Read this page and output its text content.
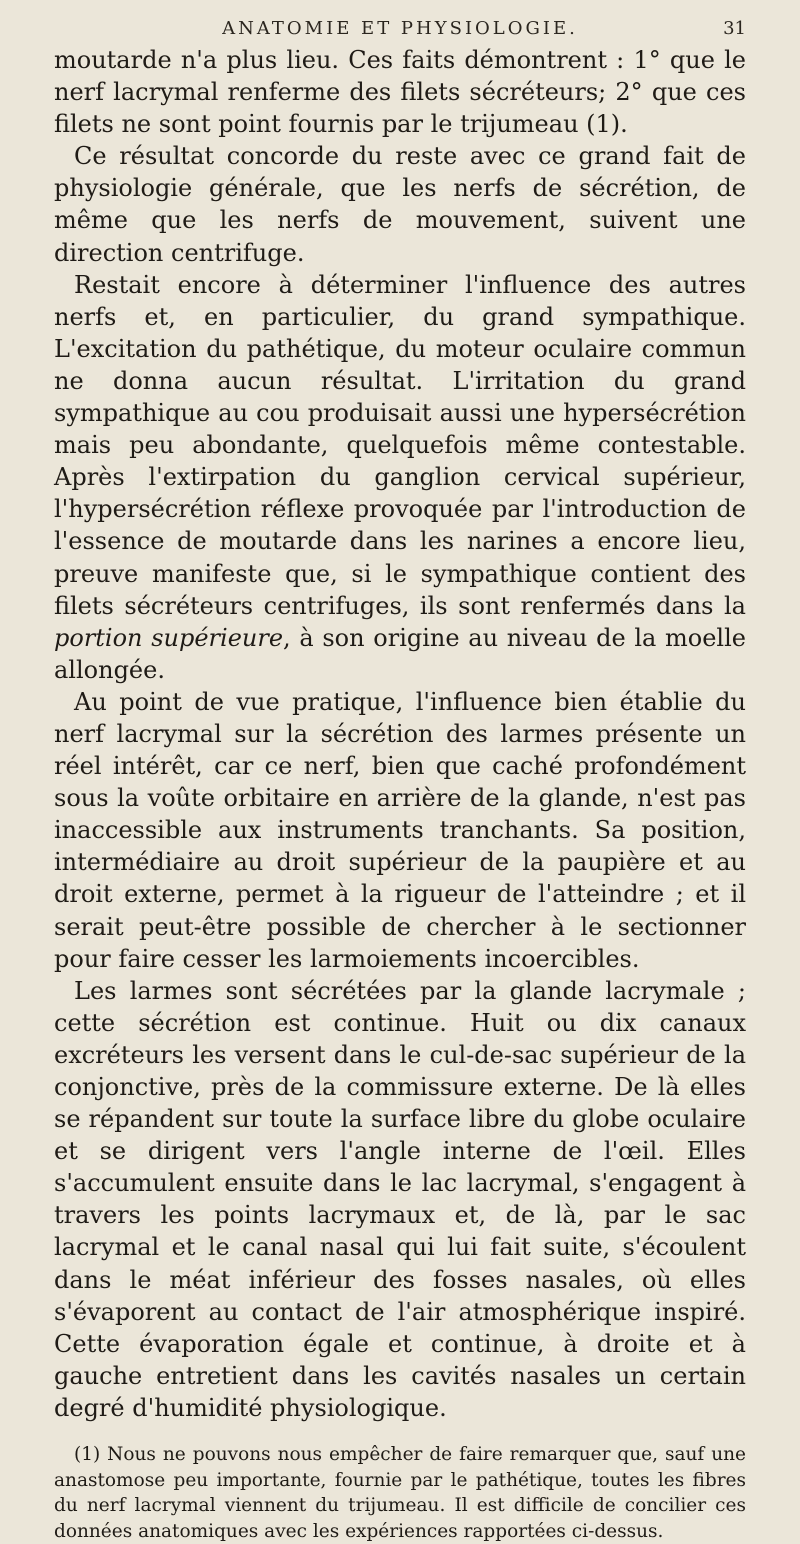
ANATOMIE ET PHYSIOLOGIE.	31

moutarde n'a plus lieu. Ces faits démontrent : 1° que le nerf lacrymal renferme des filets sécréteurs; 2° que ces filets ne sont point fournis par le trijumeau (1).

Ce résultat concorde du reste avec ce grand fait de physiologie générale, que les nerfs de sécrétion, de même que les nerfs de mouvement, suivent une direction centrifuge.

Restait encore à déterminer l'influence des autres nerfs et, en particulier, du grand sympathique. L'excitation du pathétique, du moteur oculaire commun ne donna aucun résultat. L'irritation du grand sympathique au cou produisait aussi une hypersécrétion mais peu abondante, quelquefois même contestable. Après l'extirpation du ganglion cervical supérieur, l'hypersécrétion réflexe provoquée par l'introduction de l'essence de moutarde dans les narines a encore lieu, preuve manifeste que, si le sympathique contient des filets sécréteurs centrifuges, ils sont renfermés dans la portion supérieure, à son origine au niveau de la moelle allongée.

Au point de vue pratique, l'influence bien établie du nerf lacrymal sur la sécrétion des larmes présente un réel intérêt, car ce nerf, bien que caché profondément sous la voûte orbitaire en arrière de la glande, n'est pas inaccessible aux instruments tranchants. Sa position, intermédiaire au droit supérieur de la paupière et au droit externe, permet à la rigueur de l'atteindre ; et il serait peut-être possible de chercher à le sectionner pour faire cesser les larmoiements incoercibles.

Les larmes sont sécrétées par la glande lacrymale ; cette sécrétion est continue. Huit ou dix canaux excréteurs les versent dans le cul-de-sac supérieur de la conjonctive, près de la commissure externe. De là elles se répandent sur toute la surface libre du globe oculaire et se dirigent vers l'angle interne de l'œil. Elles s'accumulent ensuite dans le lac lacrymal, s'engagent à travers les points lacrymaux et, de là, par le sac lacrymal et le canal nasal qui lui fait suite, s'écoulent dans le méat inférieur des fosses nasales, où elles s'évaporent au contact de l'air atmosphérique inspiré. Cette évaporation égale et continue, à droite et à gauche entretient dans les cavités nasales un certain degré d'humidité physiologique.

(1) Nous ne pouvons nous empêcher de faire remarquer que, sauf une anastomose peu importante, fournie par le pathétique, toutes les fibres du nerf lacrymal viennent du trijumeau. Il est difficile de concilier ces données anatomiques avec les expériences rapportées ci-dessus.
